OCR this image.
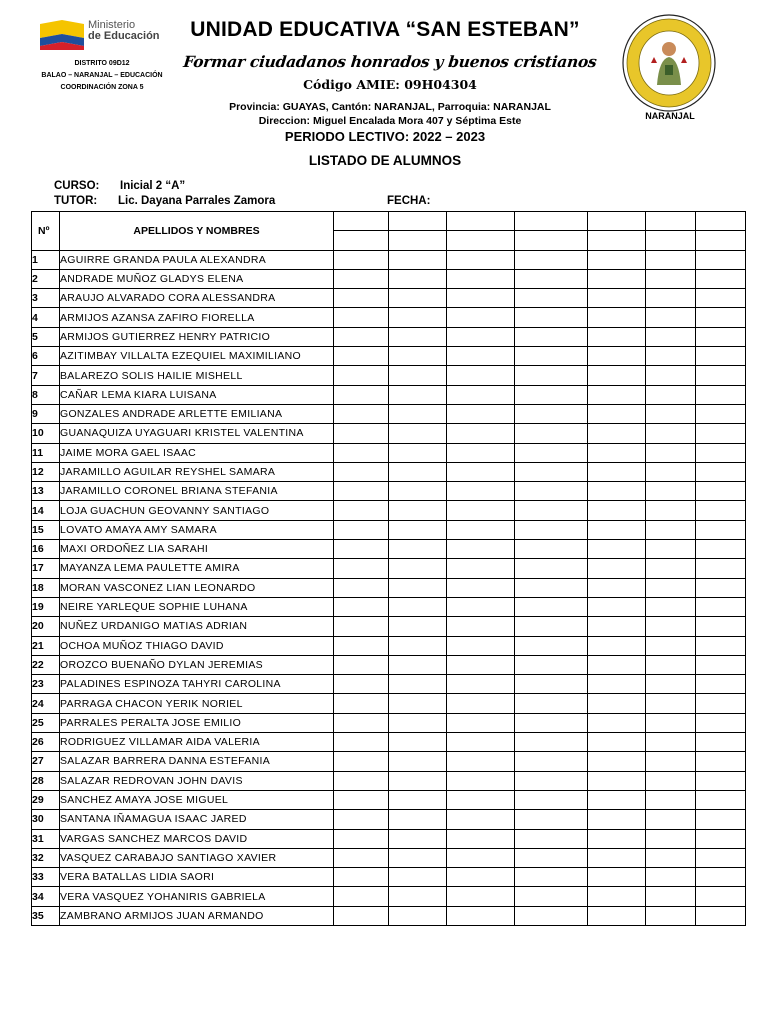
Ministerio
de Educación
DISTRITO 09D12
BALAO – NARANJAL – EDUCACIÓN
COORDINACIÓN ZONA 5
UNIDAD EDUCATIVA “SAN ESTEBAN”
Formar ciudadanos honrados y buenos cristianos
Código AMIE: 09H04304
Provincia: GUAYAS, Cantón: NARANJAL, Parroquia: NARANJAL
Direccion: Miguel Encalada Mora 407 y Séptima Este
PERIODO LECTIVO: 2022 – 2023
LISTADO DE ALUMNOS
NARANJAL
CURSO: Inicial 2 “A”
TUTOR: Lic. Dayana Parrales Zamora	FECHA:
Nº	APELLIDOS Y NOMBRES							

1	AGUIRRE GRANDA PAULA ALEXANDRA							
2	ANDRADE MUÑOZ GLADYS ELENA							
3	ARAUJO ALVARADO CORA ALESSANDRA							
4	ARMIJOS AZANSA ZAFIRO FIORELLA							
5	ARMIJOS GUTIERREZ HENRY PATRICIO							
6	AZITIMBAY VILLALTA EZEQUIEL MAXIMILIANO							
7	BALAREZO SOLIS HAILIE MISHELL							
8	CAÑAR LEMA KIARA LUISANA							
9	GONZALES ANDRADE ARLETTE EMILIANA							
10	GUANAQUIZA UYAGUARI KRISTEL VALENTINA							
11	JAIME MORA GAEL ISAAC							
12	JARAMILLO AGUILAR REYSHEL SAMARA							
13	JARAMILLO CORONEL BRIANA STEFANIA							
14	LOJA GUACHUN GEOVANNY SANTIAGO							
15	LOVATO AMAYA AMY SAMARA							
16	MAXI ORDOÑEZ LIA SARAHI							
17	MAYANZA LEMA PAULETTE AMIRA							
18	MORAN VASCONEZ LIAN LEONARDO							
19	NEIRE YARLEQUE SOPHIE LUHANA							
20	NUÑEZ URDANIGO MATIAS ADRIAN							
21	OCHOA MUÑOZ THIAGO DAVID							
22	OROZCO BUENAÑO DYLAN JEREMIAS							
23	PALADINES ESPINOZA TAHYRI CAROLINA							
24	PARRAGA CHACON YERIK NORIEL							
25	PARRALES PERALTA JOSE EMILIO							
26	RODRIGUEZ VILLAMAR AIDA VALERIA							
27	SALAZAR BARRERA DANNA ESTEFANIA							
28	SALAZAR REDROVAN JOHN DAVIS							
29	SANCHEZ AMAYA JOSE MIGUEL							
30	SANTANA IÑAMAGUA ISAAC JARED							
31	VARGAS SANCHEZ MARCOS DAVID							
32	VASQUEZ CARABAJO SANTIAGO XAVIER							
33	VERA BATALLAS LIDIA SAORI							
34	VERA VASQUEZ YOHANIRIS GABRIELA							
35	ZAMBRANO ARMIJOS JUAN ARMANDO							
